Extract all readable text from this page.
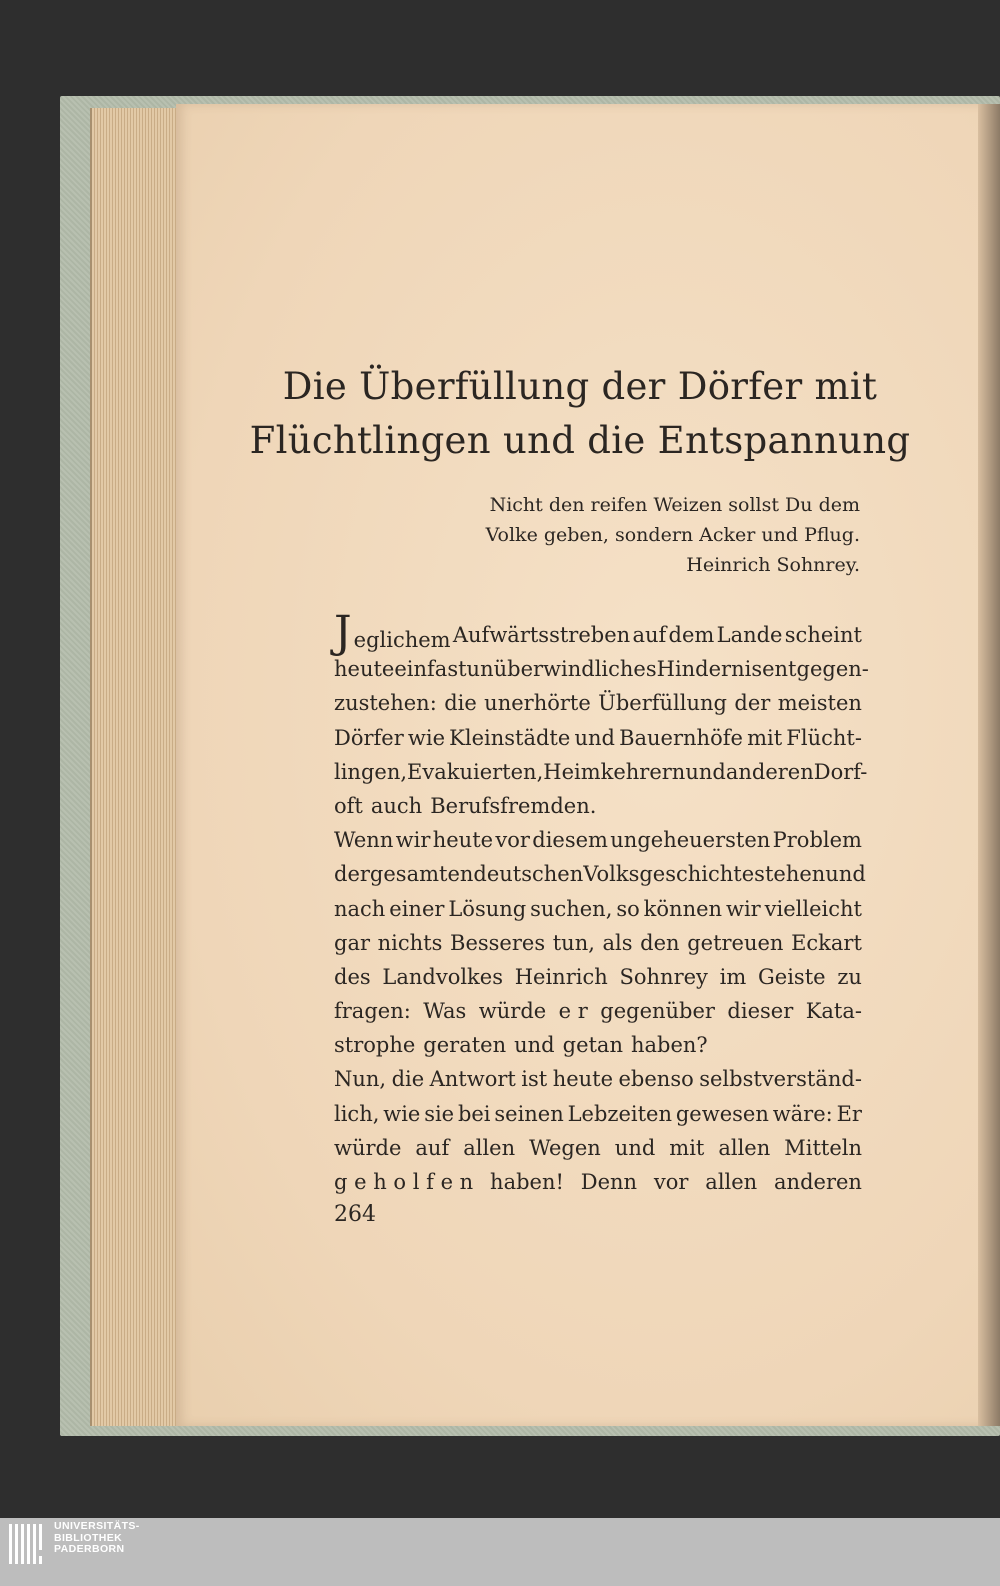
Die Überfüllung der Dörfer mit
Flüchtlingen und die Entspannung
Nicht den reifen Weizen sollst Du dem
Volke geben, sondern Acker und Pflug.
Heinrich Sohnrey.
J eglichem Aufwärtsstreben auf dem Lande scheint
heute ein fast unüberwindliches Hindernis entgegen-
zustehen: die unerhörte Überfüllung der meisten
Dörfer wie Kleinstädte und Bauernhöfe mit Flücht-
lingen, Evakuierten, Heimkehrern und anderen Dorf-
oft auch Berufsfremden.
Wenn wir heute vor diesem ungeheuersten Problem
der gesamten deutschen Volksgeschichte stehen und
nach einer Lösung suchen, so können wir vielleicht
gar nichts Besseres tun, als den getreuen Eckart
des Landvolkes Heinrich Sohnrey im Geiste zu
fragen: Was würde e r gegenüber dieser Kata-
strophe geraten und getan haben?
Nun, die Antwort ist heute ebenso selbstverständ-
lich, wie sie bei seinen Lebzeiten gewesen wäre: Er
würde auf allen Wegen und mit allen Mitteln
g e h o l f e n haben! Denn vor allen anderen
264
UNIVERSITÄTS-
BIBLIOTHEK
PADERBORN
